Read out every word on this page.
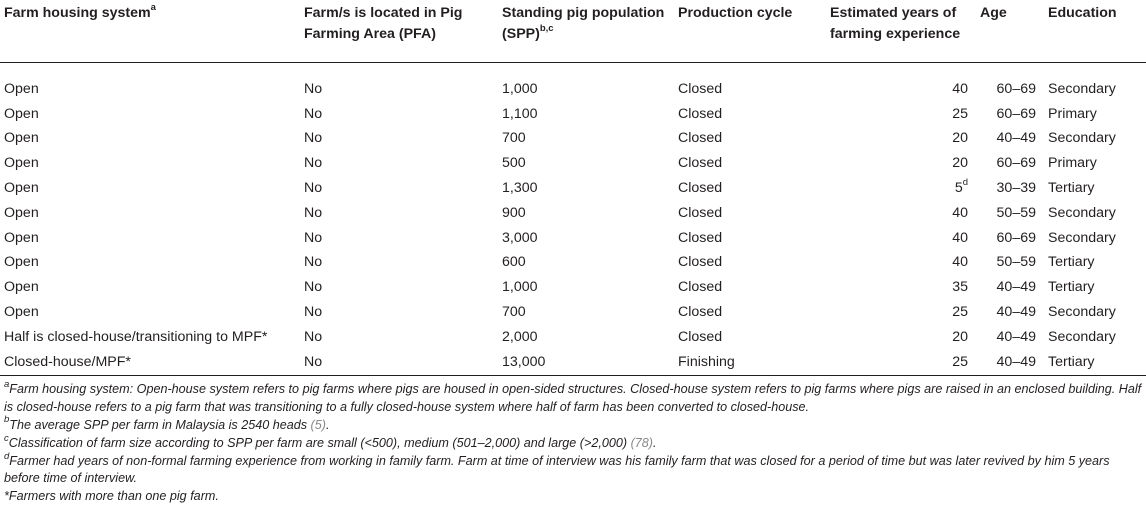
Farm housing system$^a$	Farm/s is located in Pig Farming Area (PFA)	Standing pig population (SPP)$^{b,c}$	Production cycle	Estimated years of farming experience	Age	Education
Open	No	1,000	Closed	40	60–69	Secondary
Open	No	1,100	Closed	25	60–69	Primary
Open	No	700	Closed	20	40–49	Secondary
Open	No	500	Closed	20	60–69	Primary
Open	No	1,300	Closed	5$^d$	30–39	Tertiary
Open	No	900	Closed	40	50–59	Secondary
Open	No	3,000	Closed	40	60–69	Secondary
Open	No	600	Closed	40	50–59	Tertiary
Open	No	1,000	Closed	35	40–49	Tertiary
Open	No	700	Closed	25	40–49	Secondary
Half is closed-house/transitioning to MPF*	No	2,000	Closed	20	40–49	Secondary
Closed-house/MPF*	No	13,000	Finishing	25	40–49	Tertiary

$^a$Farm housing system: Open-house system refers to pig farms where pigs are housed in open-sided structures. Closed-house system refers to pig farms where pigs are raised in an enclosed building. Half is closed-house refers to a pig farm that was transitioning to a fully closed-house system where half of farm has been converted to closed-house.

$^b$The average SPP per farm in Malaysia is 2540 heads (5).

$^c$Classification of farm size according to SPP per farm are small (<500), medium (501–2,000) and large (>2,000) (78).

$^d$Farmer had years of non-formal farming experience from working in family farm. Farm at time of interview was his family farm that was closed for a period of time but was later revived by him 5 years before time of interview.

*Farmers with more than one pig farm.
